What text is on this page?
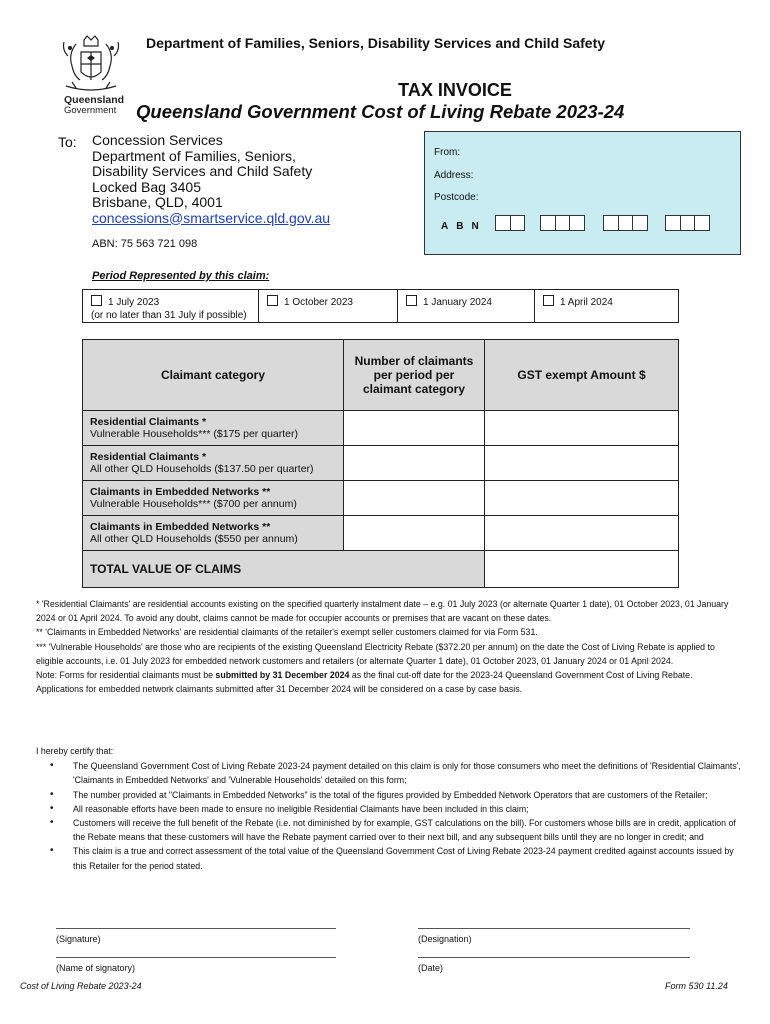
Queensland
Government
Department of Families, Seniors, Disability Services and Child Safety
TAX INVOICE
Queensland Government Cost of Living Rebate 2023-24
To: Concession Services
Department of Families, Seniors,
Disability Services and Child Safety
Locked Bag 3405
Brisbane, QLD, 4001
concessions@smartservice.qld.gov.au
ABN: 75 563 721 098
From:
Address:
Postcode:
ABN
Period Represented by this claim:
1 July 2023
(or no later than 31 July if possible)
1 October 2023	1 January 2024	1 April 2024
Claimant category	Number of claimants per period per claimant category	GST exempt Amount $
Residential Claimants *
Vulnerable Households*** ($175 per quarter)		
Residential Claimants *
All other QLD Households ($137.50 per quarter)		
Claimants in Embedded Networks **
Vulnerable Households*** ($700 per annum)		
Claimants in Embedded Networks **
All other QLD Households ($550 per annum)		
TOTAL VALUE OF CLAIMS		
* 'Residential Claimants' are residential accounts existing on the specified quarterly instalment date – e.g. 01 July 2023 (or alternate Quarter 1 date), 01 October 2023, 01 January 2024 or 01 April 2024. To avoid any doubt, claims cannot be made for occupier accounts or premises that are vacant on these dates.
** 'Claimants in Embedded Networks' are residential claimants of the retailer's exempt seller customers claimed for via Form 531.
*** 'Vulnerable Households' are those who are recipients of the existing Queensland Electricity Rebate ($372.20 per annum) on the date the Cost of Living Rebate is applied to eligible accounts, i.e. 01 July 2023 for embedded network customers and retailers (or alternate Quarter 1 date), 01 October 2023, 01 January 2024 or 01 April 2024.
Note: Forms for residential claimants must be submitted by 31 December 2024 as the final cut-off date for the 2023-24 Queensland Government Cost of Living Rebate. Applications for embedded network claimants submitted after 31 December 2024 will be considered on a case by case basis.
I hereby certify that:
• The Queensland Government Cost of Living Rebate 2023-24 payment detailed on this claim is only for those consumers who meet the definitions of 'Residential Claimants', 'Claimants in Embedded Networks' and 'Vulnerable Households' detailed on this form;
• The number provided at "Claimants in Embedded Networks" is the total of the figures provided by Embedded Network Operators that are customers of the Retailer;
• All reasonable efforts have been made to ensure no ineligible Residential Claimants have been included in this claim;
• Customers will receive the full benefit of the Rebate (i.e. not diminished by for example, GST calculations on the bill). For customers whose bills are in credit, application of the Rebate means that these customers will have the Rebate payment carried over to their next bill, and any subsequent bills until they are no longer in credit; and
• This claim is a true and correct assessment of the total value of the Queensland Government Cost of Living Rebate 2023-24 payment credited against accounts issued by this Retailer for the period stated.
(Signature)	(Designation)
(Name of signatory)	(Date)
Cost of Living Rebate 2023-24	Form 530 11.24
